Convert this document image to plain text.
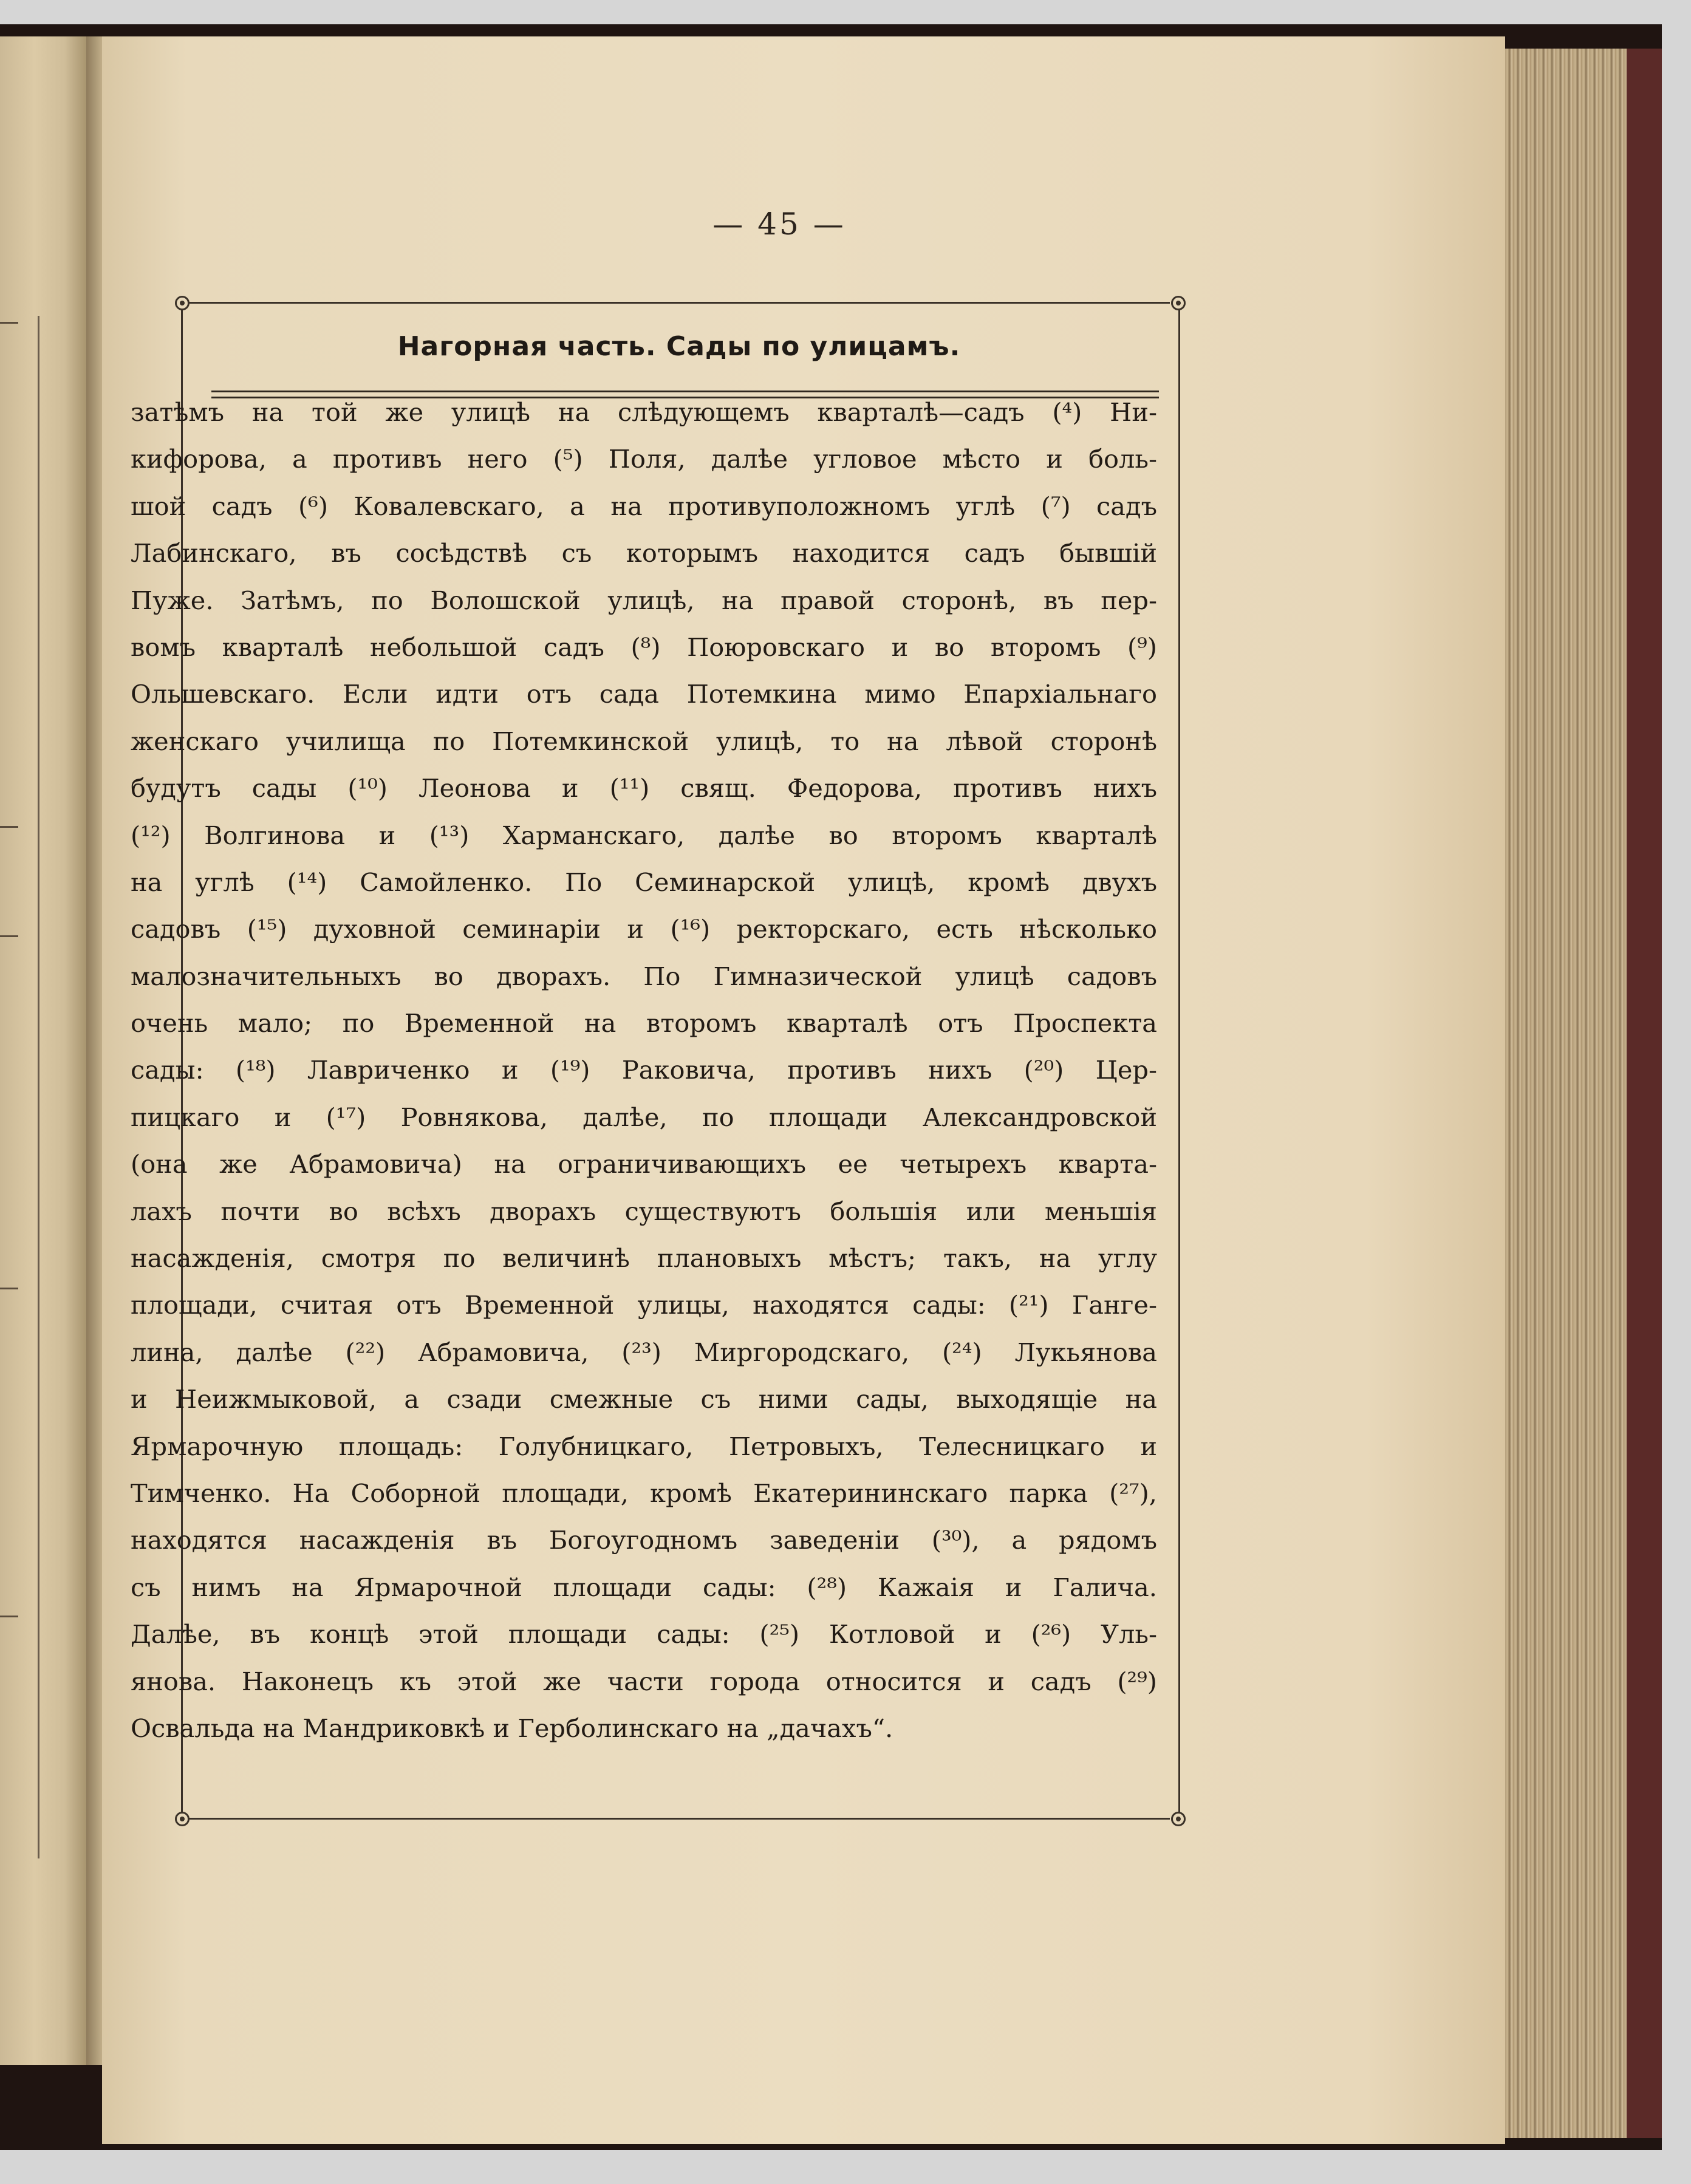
— 45 —
Нагорная часть. Сады по улицамъ.
затѣмъ на той же улицѣ на слѣдующемъ кварталѣ—садъ (⁴) Ни-
кифорова, а противъ него (⁵) Поля, далѣе угловое мѣсто и боль-
шой садъ (⁶) Ковалевскаго, а на противуположномъ углѣ (⁷) садъ
Лабинскаго, въ сосѣдствѣ съ которымъ находится садъ бывшій
Пуже. Затѣмъ, по Волошской улицѣ, на правой сторонѣ, въ пер-
вомъ кварталѣ небольшой садъ (⁸) Поюровскаго и во второмъ (⁹)
Ольшевскаго. Если идти отъ сада Потемкина мимо Епархіальнаго
женскаго училища по Потемкинской улицѣ, то на лѣвой сторонѣ
будутъ сады (¹⁰) Леонова и (¹¹) свящ. Федорова, противъ нихъ
(¹²) Волгинова и (¹³) Харманскаго, далѣе во второмъ кварталѣ
на углѣ (¹⁴) Самойленко. По Семинарской улицѣ, кромѣ двухъ
садовъ (¹⁵) духовной семинаріи и (¹⁶) ректорскаго, есть нѣсколько
малозначительныхъ во дворахъ. По Гимназической улицѣ садовъ
очень мало; по Временной на второмъ кварталѣ отъ Проспекта
сады: (¹⁸) Лавриченко и (¹⁹) Раковича, противъ нихъ (²⁰) Цер-
пицкаго и (¹⁷) Ровнякова, далѣе, по площади Александровской
(она же Абрамовича) на ограничивающихъ ее четырехъ кварта-
лахъ почти во всѣхъ дворахъ существуютъ большія или меньшія
насажденія, смотря по величинѣ плановыхъ мѣстъ; такъ, на углу
площади, считая отъ Временной улицы, находятся сады: (²¹) Ганге-
лина, далѣе (²²) Абрамовича, (²³) Миргородскаго, (²⁴) Лукьянова
и Неижмыковой, а сзади смежные съ ними сады, выходящіе на
Ярмарочную площадь: Голубницкаго, Петровыхъ, Телесницкаго и
Тимченко. На Соборной площади, кромѣ Екатерининскаго парка (²⁷),
находятся насажденія въ Богоугодномъ заведеніи (³⁰), а рядомъ
съ нимъ на Ярмарочной площади сады: (²⁸) Кажаія и Галича.
Далѣе, въ концѣ этой площади сады: (²⁵) Котловой и (²⁶) Уль-
янова. Наконецъ къ этой же части города относится и садъ (²⁹)
Освальда на Мандриковкѣ и Герболинскаго на „дачахъ“.
